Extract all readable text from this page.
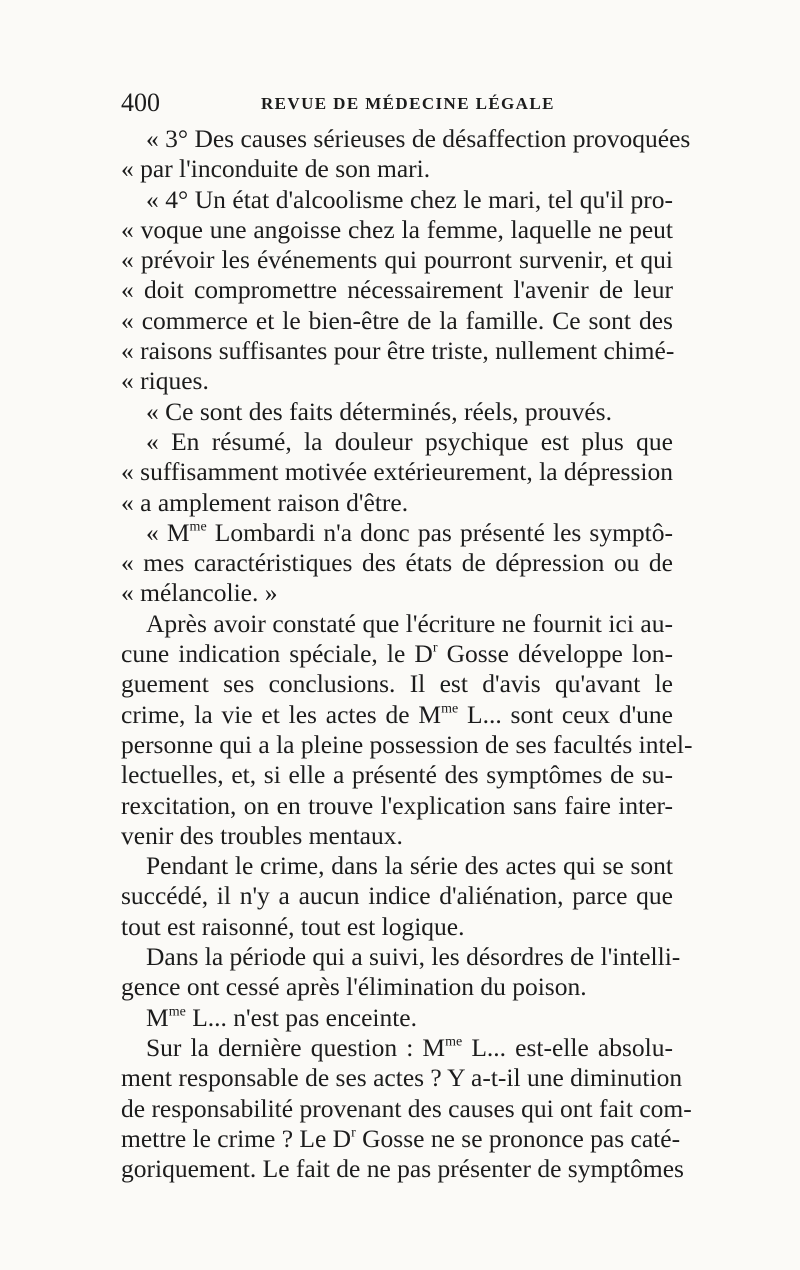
400	REVUE DE MÉDECINE LÉGALE
« 3° Des causes sérieuses de désaffection provoquées
« par l'inconduite de son mari.
« 4° Un état d'alcoolisme chez le mari, tel qu'il pro-
« voque une angoisse chez la femme, laquelle ne peut
« prévoir les événements qui pourront survenir, et qui
« doit compromettre nécessairement l'avenir de leur
« commerce et le bien-être de la famille. Ce sont des
« raisons suffisantes pour être triste, nullement chimé-
« riques.
« Ce sont des faits déterminés, réels, prouvés.
« En résumé, la douleur psychique est plus que
« suffisamment motivée extérieurement, la dépression
« a amplement raison d'être.
« $M^{me}$ Lombardi n'a donc pas présenté les symptô-
« mes caractéristiques des états de dépression ou de
« mélancolie. »
Après avoir constaté que l'écriture ne fournit ici au-
cune indication spéciale, le $D^r$ Gosse développe lon-
guement ses conclusions. Il est d'avis qu'avant le
crime, la vie et les actes de $M^{me}$ L... sont ceux d'une
personne qui a la pleine possession de ses facultés intel-
lectuelles, et, si elle a présenté des symptômes de su-
rexcitation, on en trouve l'explication sans faire inter-
venir des troubles mentaux.
Pendant le crime, dans la série des actes qui se sont
succédé, il n'y a aucun indice d'aliénation, parce que
tout est raisonné, tout est logique.
Dans la période qui a suivi, les désordres de l'intelli-
gence ont cessé après l'élimination du poison.
$M^{me}$ L... n'est pas enceinte.
Sur la dernière question : $M^{me}$ L... est-elle absolu-
ment responsable de ses actes ? Y a-t-il une diminution
de responsabilité provenant des causes qui ont fait com-
mettre le crime ? Le $D^r$ Gosse ne se prononce pas caté-
goriquement. Le fait de ne pas présenter de symptômes
